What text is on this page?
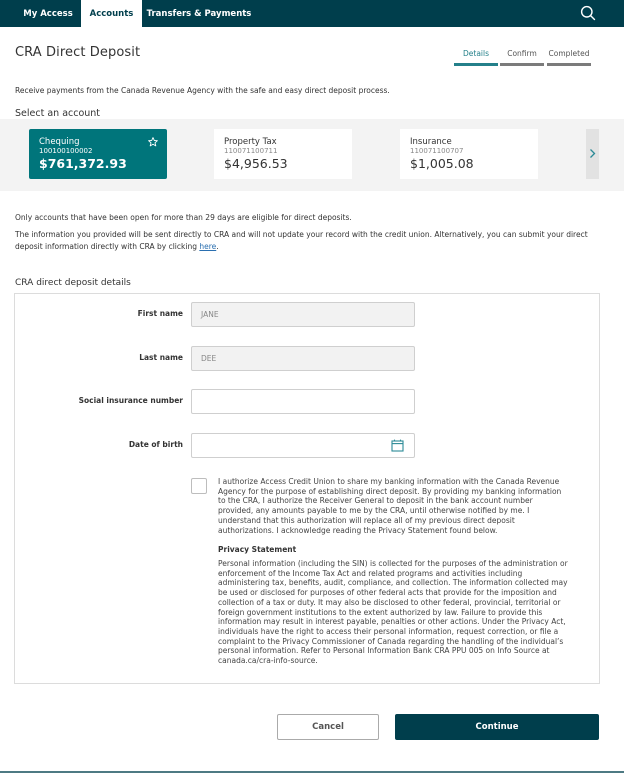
My Access	Accounts	Transfers & Payments
CRA Direct Deposit	Details	Confirm	Completed
Receive payments from the Canada Revenue Agency with the safe and easy direct deposit process.
Select an account
Chequing
100100100002
$761,372.93
Property Tax
110071100711
$4,956.53
Insurance
110071100707
$1,005.08
Only accounts that have been open for more than 29 days are eligible for direct deposits.
The information you provided will be sent directly to CRA and will not update your record with the credit union. Alternatively, you can submit your direct deposit information directly with CRA by clicking here.
CRA direct deposit details
First name	JANE
Last name	DEE
Social insurance number
Date of birth
I authorize Access Credit Union to share my banking information with the Canada Revenue Agency for the purpose of establishing direct deposit. By providing my banking information to the CRA, I authorize the Receiver General to deposit in the bank account number provided, any amounts payable to me by the CRA, until otherwise notified by me. I understand that this authorization will replace all of my previous direct deposit authorizations. I acknowledge reading the Privacy Statement found below.
Privacy Statement
Personal information (including the SIN) is collected for the purposes of the administration or enforcement of the Income Tax Act and related programs and activities including administering tax, benefits, audit, compliance, and collection. The information collected may be used or disclosed for purposes of other federal acts that provide for the imposition and collection of a tax or duty. It may also be disclosed to other federal, provincial, territorial or foreign government institutions to the extent authorized by law. Failure to provide this information may result in interest payable, penalties or other actions. Under the Privacy Act, individuals have the right to access their personal information, request correction, or file a complaint to the Privacy Commissioner of Canada regarding the handling of the individual’s personal information. Refer to Personal Information Bank CRA PPU 005 on Info Source at canada.ca/cra-info-source.
Cancel	Continue
